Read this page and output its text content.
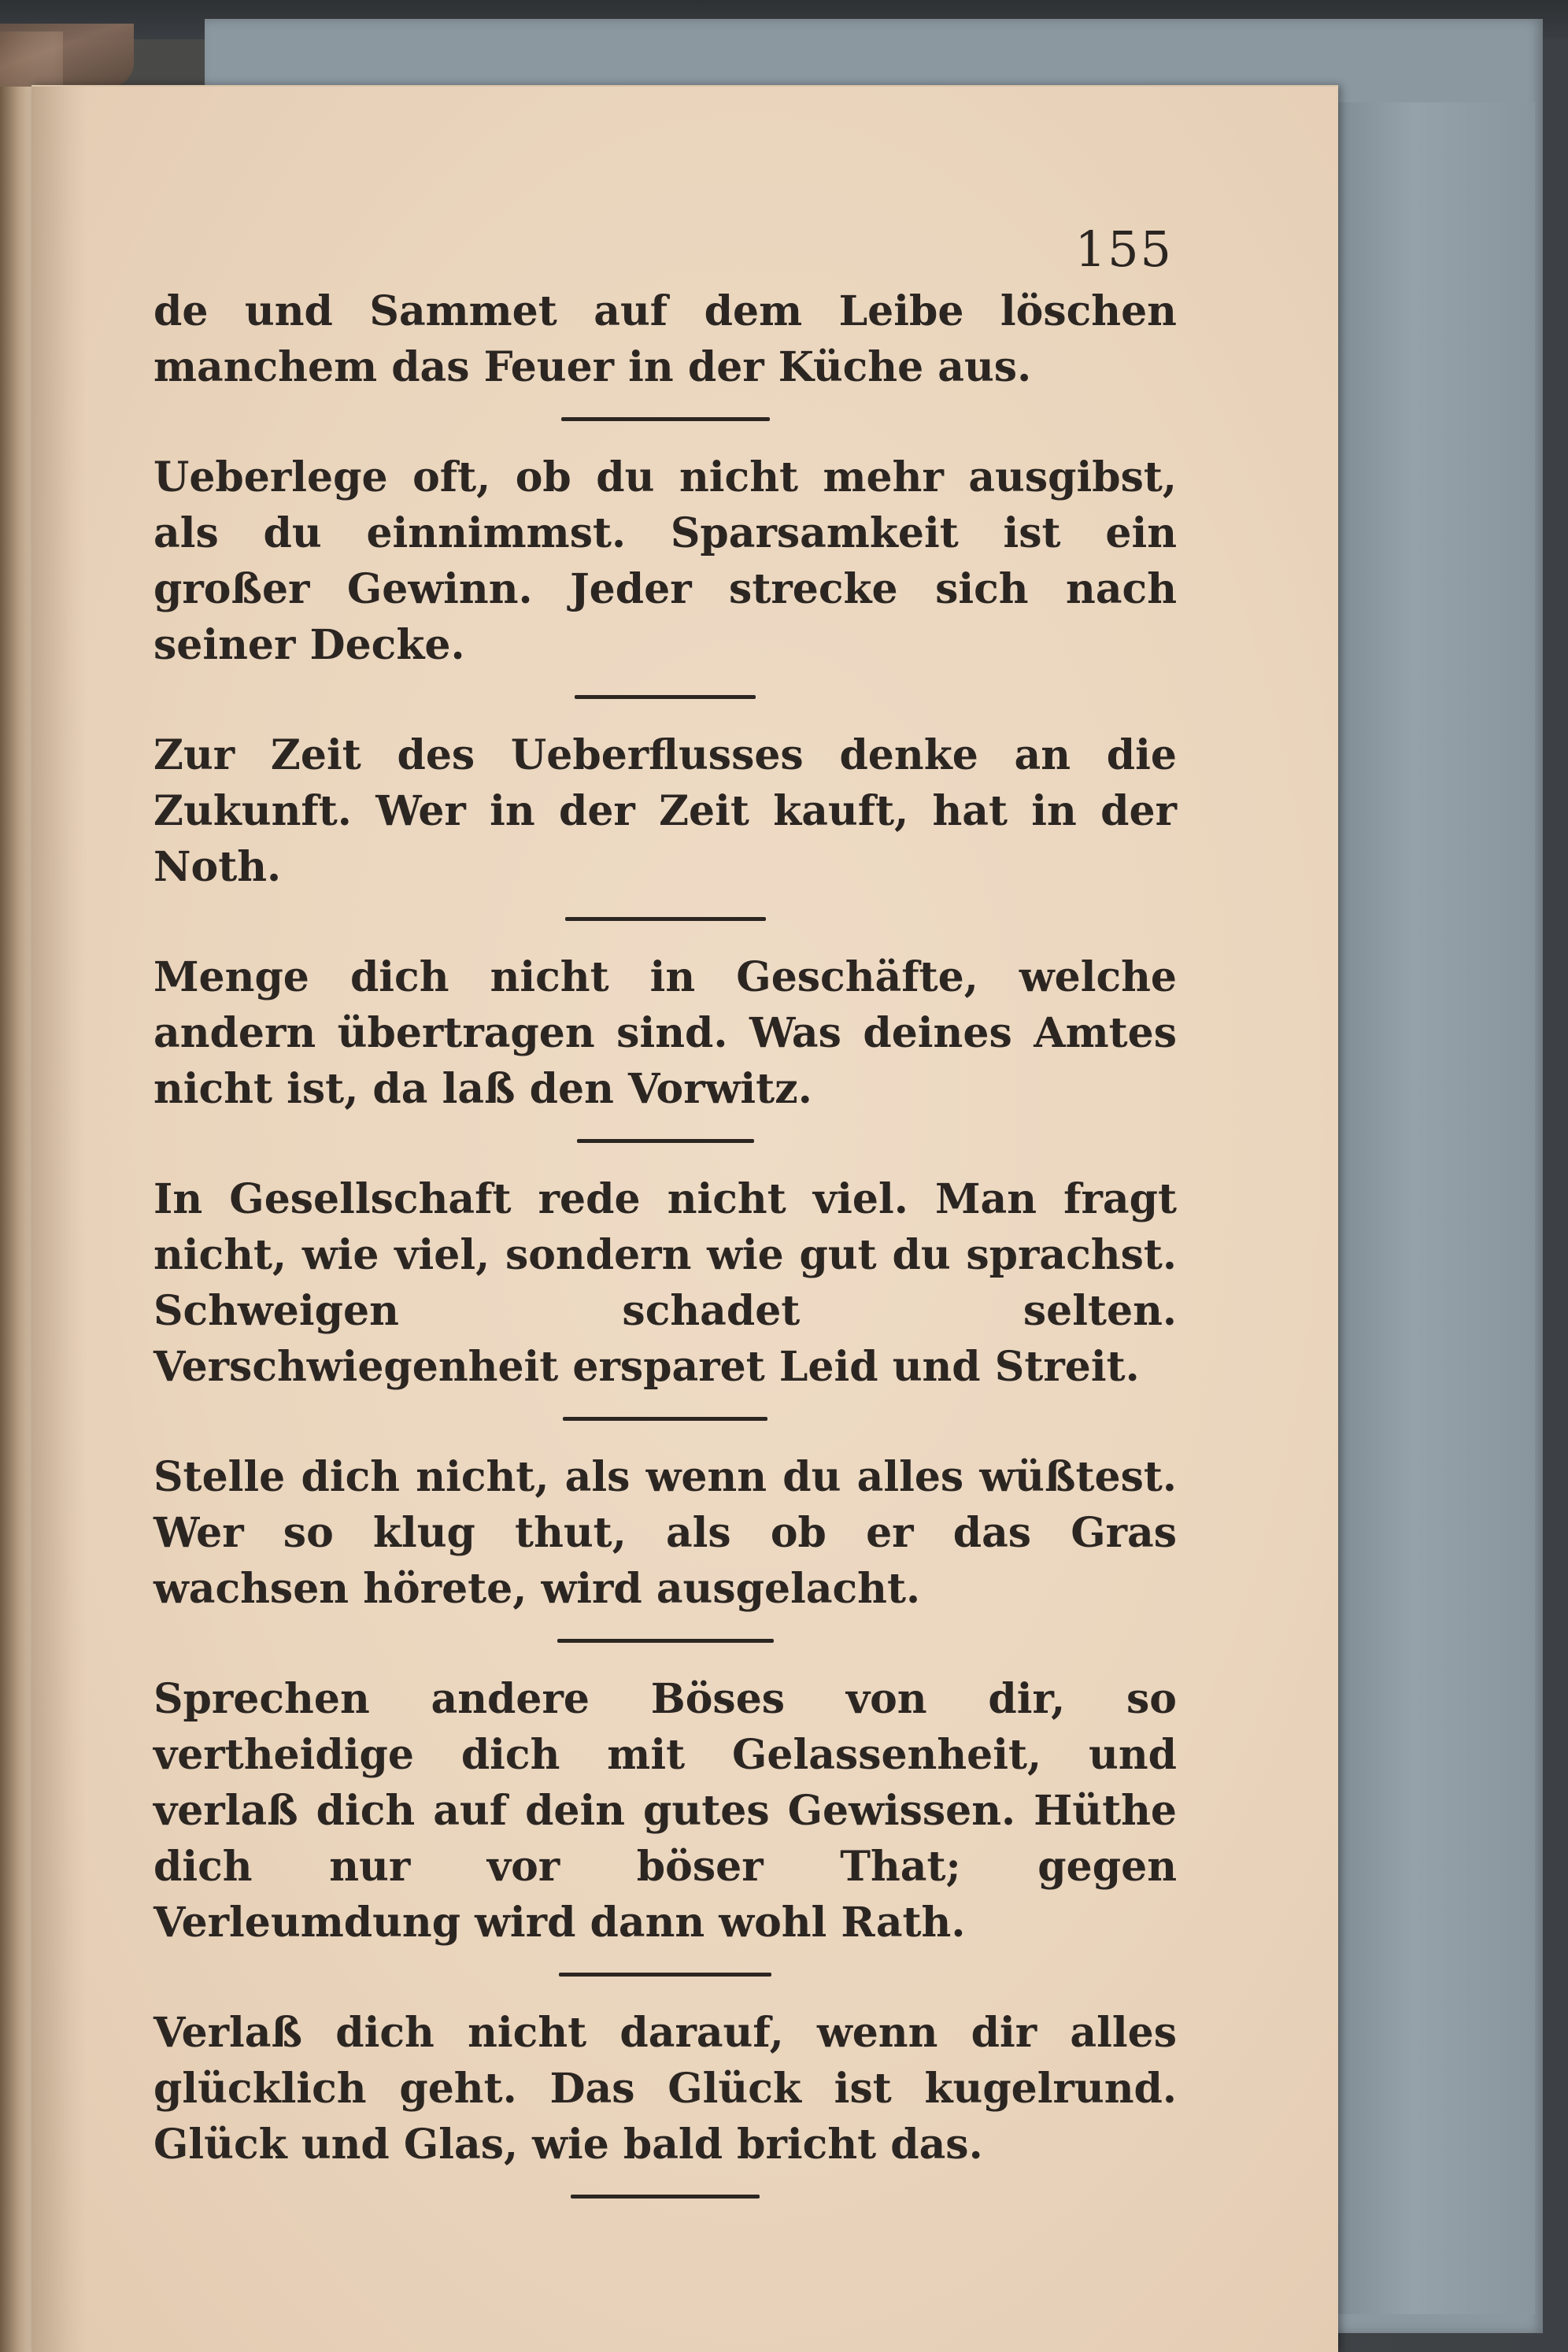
155

de und Sammet auf dem Leibe löschen manchem das Feuer in der Küche aus.

Ueberlege oft, ob du nicht mehr ausgibst, als du einnimmst. Sparsamkeit ist ein großer Gewinn. Jeder strecke sich nach seiner Decke.

Zur Zeit des Ueberflusses denke an die Zukunft. Wer in der Zeit kauft, hat in der Noth.

Menge dich nicht in Geschäfte, welche andern übertragen sind. Was deines Amtes nicht ist, da laß den Vorwitz.

In Gesellschaft rede nicht viel. Man fragt nicht, wie viel, sondern wie gut du sprachst. Schweigen schadet selten. Verschwiegenheit ersparet Leid und Streit.

Stelle dich nicht, als wenn du alles wüßtest. Wer so klug thut, als ob er das Gras wachsen hörete, wird ausgelacht.

Sprechen andere Böses von dir, so vertheidige dich mit Gelassenheit, und verlaß dich auf dein gutes Gewissen. Hüthe dich nur vor böser That; gegen Verleumdung wird dann wohl Rath.

Verlaß dich nicht darauf, wenn dir alles glücklich geht. Das Glück ist kugelrund. Glück und Glas, wie bald bricht das.
